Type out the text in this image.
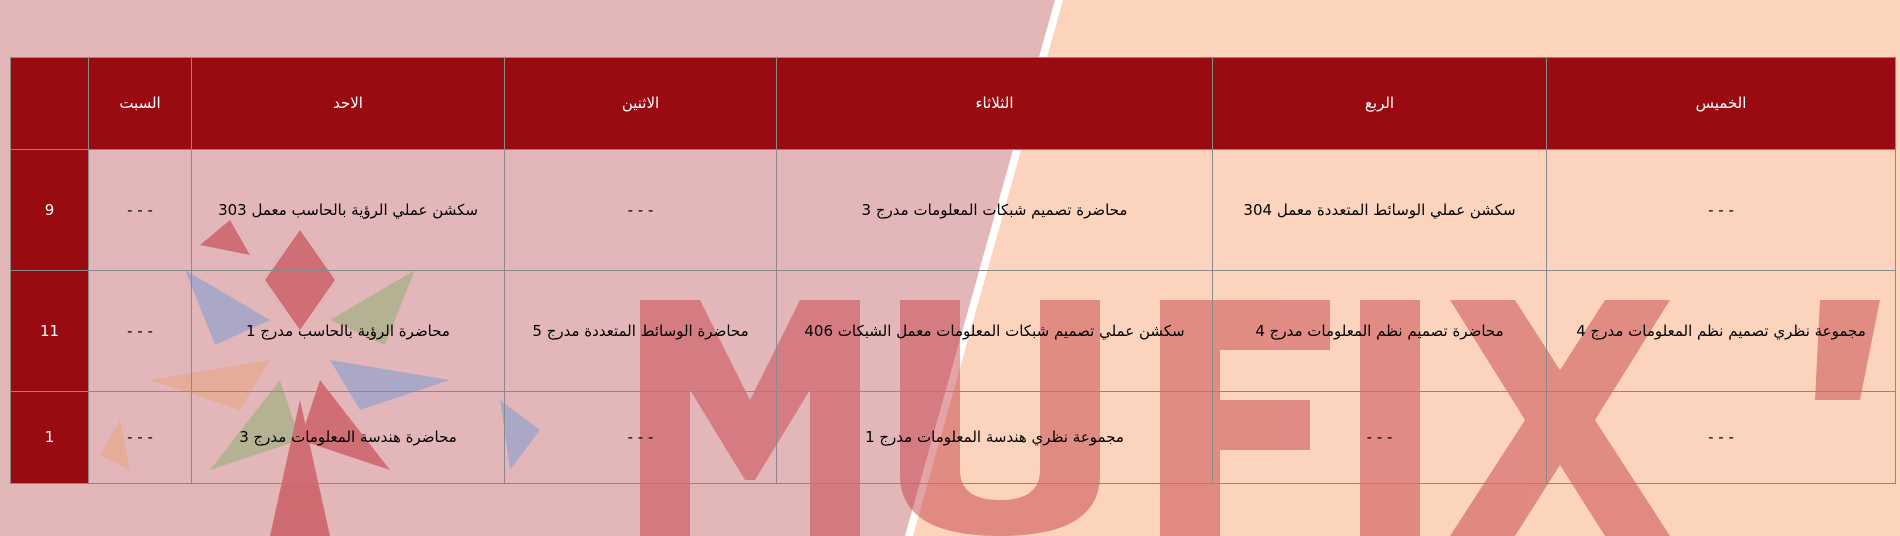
	السبت	الاحد	الاثنين	الثلاثاء	الربع	الخميس
9	- - -	سكشن عملي الرؤية بالحاسب معمل 303	- - -	محاضرة تصميم شبكات المعلومات مدرج 3	سكشن عملي الوسائط المتعددة معمل 304	- - -
11	- - -	محاضرة الرؤية بالحاسب مدرج 1	محاضرة الوسائط المتعددة مدرج 5	سكشن عملي تصميم شبكات المعلومات معمل الشبكات 406	محاضرة تصميم نظم المعلومات مدرج 4	مجموعة نظري تصميم نظم المعلومات مدرج 4
1	- - -	محاضرة هندسة المعلومات مدرج 3	- - -	مجموعة نظري هندسة المعلومات مدرج 1	- - -	- - -
